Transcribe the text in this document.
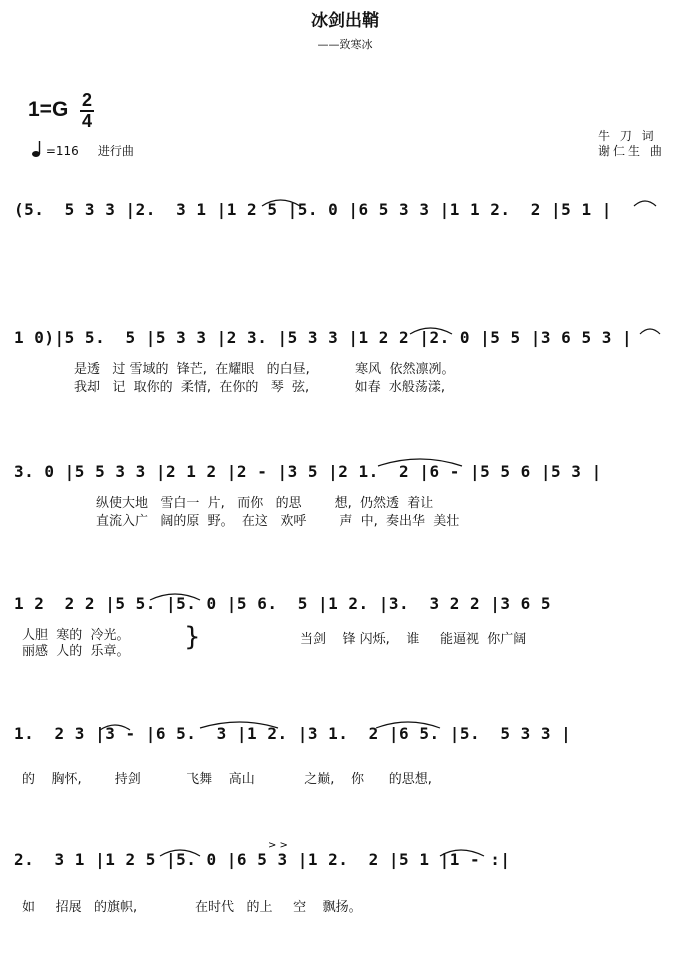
冰剑出鞘
——致寒冰
1=G 2
4
=116 进行曲
牛 刀 词
谢仁生 曲
(5.  5 3 3 |2.  3 1 |1 2 5 |5. 0 |6 5 3 3 |1 1 2.  2 |5 1 |
1 0)|5 5.  5 |5 3 3 |2 3. |5 3 3 |1 2 2 |2. 0 |5 5 |3 6 5 3 |
是透   过 雪域的  锋芒,  在耀眼   的白昼,           寒风  依然凛冽。
我却   记  取你的  柔情,  在你的   琴  弦,           如春  水般荡漾,
3. 0 |5 5 3 3 |2 1 2 |2 - |3 5 |2 1.  2 |6 - |5 5 6 |5 3 |
纵使大地   雪白一  片,   而你   的思        想,  仍然透  着让
直流入广   阔的原  野。  在这   欢呼        声  中,  奏出华  美壮
1 2  2 2 |5 5. |5. 0 |5 6.  5 |1 2. |3.  3 2 2 |3 6 5
人胆  寒的  冷光。
丽感  人的  乐章。 }	当剑    锋 闪烁,    谁     能逼视  你广阔
1.  2 3 |3 - |6 5.  3 |1 2. |3 1.  2 |6 5. |5.  5 3 3 |
的    胸怀,        持剑           飞舞    高山            之巅,    你      的思想,
2.  3 1 |1 2 5 |5. 0 |6 5 3 |1 2.  2 |5 1 |1 - :|
如     招展   的旗帜,              在时代   的上     空    飘扬。
> >
